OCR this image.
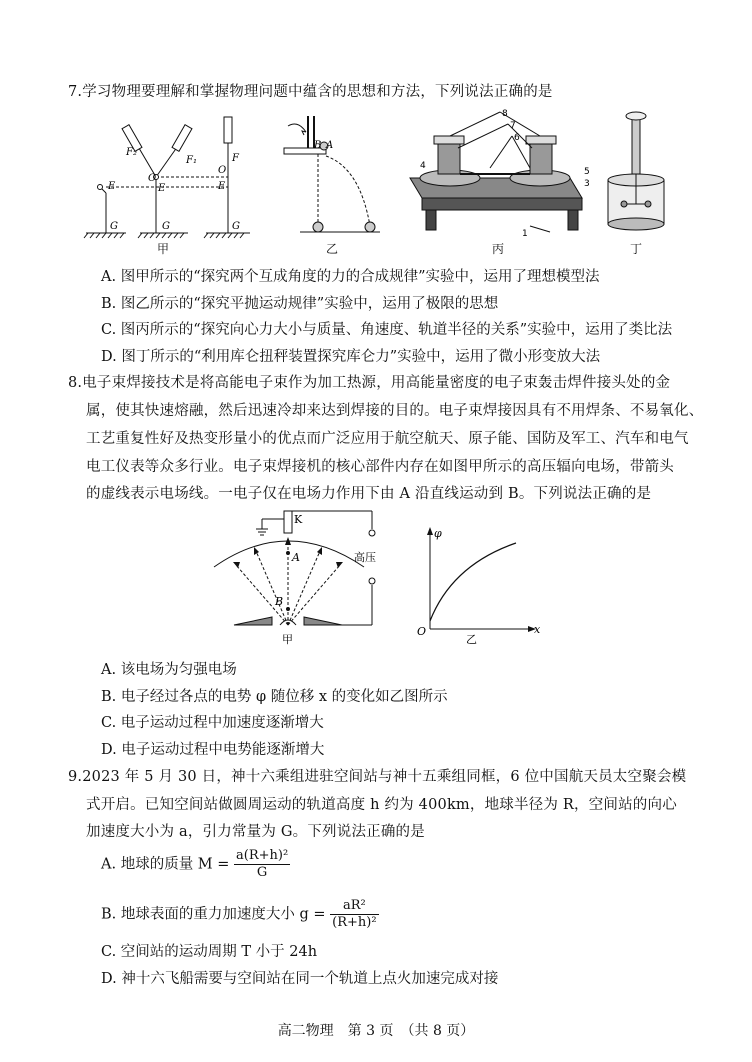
7.学习物理要理解和掌握物理问题中蕴含的思想和方法，下列说法正确的是
F₂
F₁	F
O
O
E	E	E
G	G	G
甲
B A
乙
8
7
6
4
5
3
1
丙	丁
A. 图甲所示的“探究两个互成角度的力的合成规律”实验中，运用了理想模型法
B. 图乙所示的“探究平抛运动规律”实验中，运用了极限的思想
C. 图丙所示的“探究向心力大小与质量、角速度、轨道半径的关系”实验中，运用了类比法
D. 图丁所示的“利用库仑扭秤装置探究库仑力”实验中，运用了微小形变放大法
8.电子束焊接技术是将高能电子束作为加工热源，用高能量密度的电子束轰击焊件接头处的金
属，使其快速熔融，然后迅速冷却来达到焊接的目的。电子束焊接因具有不用焊条、不易氧化、
工艺重复性好及热变形量小的优点而广泛应用于航空航天、原子能、国防及军工、汽车和电气
电工仪表等众多行业。电子束焊接机的核心部件内存在如图甲所示的高压辐向电场，带箭头
的虚线表示电场线。一电子仅在电场力作用下由 A 沿直线运动到 B。下列说法正确的是
K
A
B
高压
甲
φ
x
O
乙
A. 该电场为匀强电场
B. 电子经过各点的电势 φ 随位移 x 的变化如乙图所示
C. 电子运动过程中加速度逐渐增大
D. 电子运动过程中电势能逐渐增大
9.2023 年 5 月 30 日，神十六乘组进驻空间站与神十五乘组同框，6 位中国航天员太空聚会模
式开启。已知空间站做圆周运动的轨道高度 h 约为 400km，地球半径为 R，空间站的向心
加速度大小为 a，引力常量为 G。下列说法正确的是
A. 地球的质量 $M = \frac{\text{a(R+h)²}}{G}$
B. 地球表面的重力加速度大小 $g = \frac{\text{aR²}}{\text{(R+h)²}}$
C. 空间站的运动周期 T 小于 24h
D. 神十六飞船需要与空间站在同一个轨道上点火加速完成对接
高二物理　第 3 页　（共 8 页）
